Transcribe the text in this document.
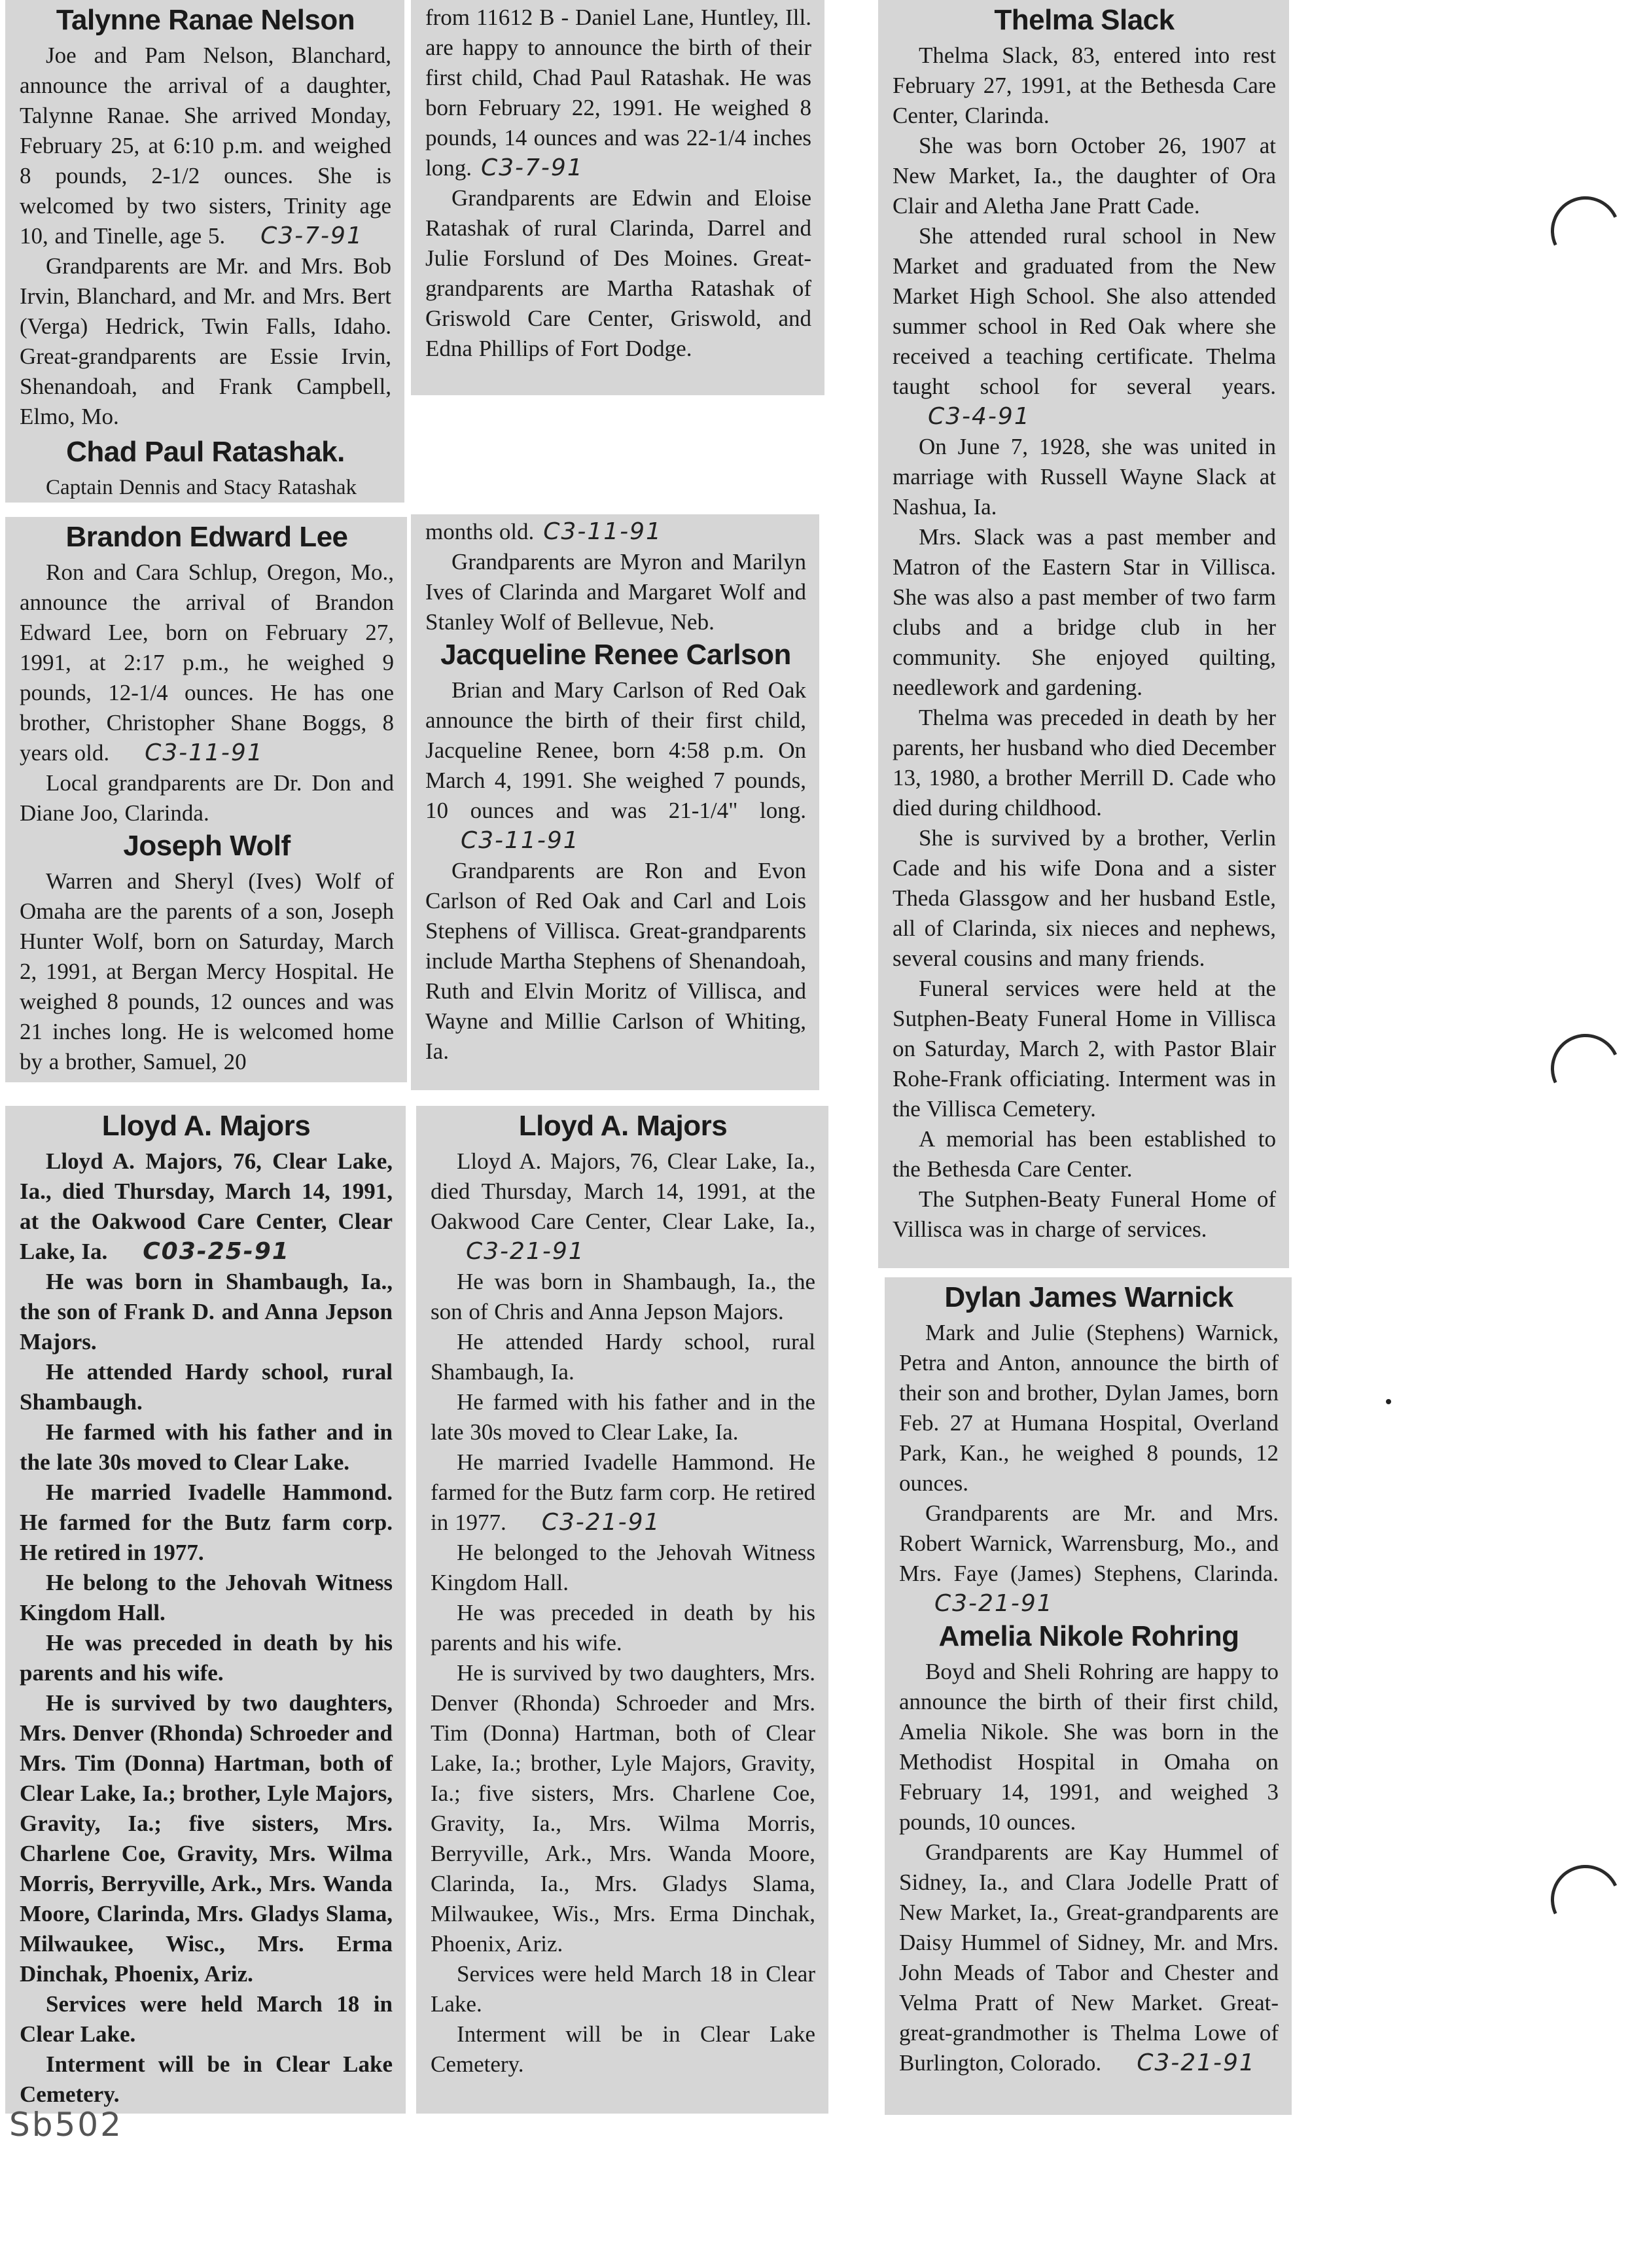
Talynne Ranae Nelson

Joe and Pam Nelson, Blanchard, announce the arrival of a daughter, Talynne Ranae. She arrived Monday, February 25, at 6:10 p.m. and weighed 8 pounds, 2-1/2 ounces. She is welcomed by two sisters, Trinity age 10, and Tinelle, age 5. C3-7-91

Grandparents are Mr. and Mrs. Bob Irvin, Blanchard, and Mr. and Mrs. Bert (Verga) Hedrick, Twin Falls, Idaho. Great-grandparents are Essie Irvin, Shenandoah, and Frank Campbell, Elmo, Mo.

Chad Paul Ratashak.

Captain Dennis and Stacy Ratashak

from 11612 B - Daniel Lane, Huntley, Ill. are happy to announce the birth of their first child, Chad Paul Ratashak. He was born February 22, 1991. He weighed 8 pounds, 14 ounces and was 22-1/4 inches long. C3-7-91

Grandparents are Edwin and Eloise Ratashak of rural Clarinda, Darrel and Julie Forslund of Des Moines. Great-grandparents are Martha Ratashak of Griswold Care Center, Griswold, and Edna Phillips of Fort Dodge.

Thelma Slack

Thelma Slack, 83, entered into rest February 27, 1991, at the Bethesda Care Center, Clarinda.

She was born October 26, 1907 at New Market, Ia., the daughter of Ora Clair and Aletha Jane Pratt Cade.

She attended rural school in New Market and graduated from the New Market High School. She also attended summer school in Red Oak where she received a teaching certificate. Thelma taught school for several years.C3-4-91

On June 7, 1928, she was united in marriage with Russell Wayne Slack at Nashua, Ia.

Mrs. Slack was a past member and Matron of the Eastern Star in Villisca. She was also a past member of two farm clubs and a bridge club in her community. She enjoyed quilting, needlework and gardening.

Thelma was preceded in death by her parents, her husband who died December 13, 1980, a brother Merrill D. Cade who died during childhood.

She is survived by a brother, Verlin Cade and his wife Dona and a sister Theda Glassgow and her husband Estle, all of Clarinda, six nieces and nephews, several cousins and many friends.

Funeral services were held at the Sutphen-Beaty Funeral Home in Villisca on Saturday, March 2, with Pastor Blair Rohe-Frank officiating. Interment was in the Villisca Cemetery.

A memorial has been established to the Bethesda Care Center.

The Sutphen-Beaty Funeral Home of Villisca was in charge of services.

Brandon Edward Lee

Ron and Cara Schlup, Oregon, Mo., announce the arrival of Brandon Edward Lee, born on February 27, 1991, at 2:17 p.m., he weighed 9 pounds, 12-1/4 ounces. He has one brother, Christopher Shane Boggs, 8 years old. C3-11-91

Local grandparents are Dr. Don and Diane Joo, Clarinda.

Joseph Wolf

Warren and Sheryl (Ives) Wolf of Omaha are the parents of a son, Joseph Hunter Wolf, born on Saturday, March 2, 1991, at Bergan Mercy Hospital. He weighed 8 pounds, 12 ounces and was 21 inches long. He is welcomed home by a brother, Samuel, 20

months old. C3-11-91

Grandparents are Myron and Marilyn Ives of Clarinda and Margaret Wolf and Stanley Wolf of Bellevue, Neb.

Jacqueline Renee Carlson

Brian and Mary Carlson of Red Oak announce the birth of their first child, Jacqueline Renee, born 4:58 p.m. On March 4, 1991. She weighed 7 pounds, 10 ounces and was 21-1/4" long.C3-11-91

Grandparents are Ron and Evon Carlson of Red Oak and Carl and Lois Stephens of Villisca. Great-grandparents include Martha Stephens of Shenandoah, Ruth and Elvin Moritz of Villisca, and Wayne and Millie Carlson of Whiting, Ia.

Lloyd A. Majors

Lloyd A. Majors, 76, Clear Lake, Ia., died Thursday, March 14, 1991, at the Oakwood Care Center, Clear Lake, Ia. C03-25-91

He was born in Shambaugh, Ia., the son of Frank D. and Anna Jepson Majors.

He attended Hardy school, rural Shambaugh.

He farmed with his father and in the late 30s moved to Clear Lake.

He married Ivadelle Hammond. He farmed for the Butz farm corp. He retired in 1977.

He belong to the Jehovah Witness Kingdom Hall.

He was preceded in death by his parents and his wife.

He is survived by two daughters, Mrs. Denver (Rhonda) Schroeder and Mrs. Tim (Donna) Hartman, both of Clear Lake, Ia.; brother, Lyle Majors, Gravity, Ia.; five sisters, Mrs. Charlene Coe, Gravity, Mrs. Wilma Morris, Berryville, Ark., Mrs. Wanda Moore, Clarinda, Mrs. Gladys Slama, Milwaukee, Wisc., Mrs. Erma Dinchak, Phoenix, Ariz.

Services were held March 18 in Clear Lake.

Interment will be in Clear Lake Cemetery.

Lloyd A. Majors

Lloyd A. Majors, 76, Clear Lake, Ia., died Thursday, March 14, 1991, at the Oakwood Care Center, Clear Lake, Ia.,C3-21-91

He was born in Shambaugh, Ia., the son of Chris and Anna Jepson Majors.

He attended Hardy school, rural Shambaugh, Ia.

He farmed with his father and in the late 30s moved to Clear Lake, Ia.

He married Ivadelle Hammond. He farmed for the Butz farm corp. He retired in 1977. C3-21-91

He belonged to the Jehovah Witness Kingdom Hall.

He was preceded in death by his parents and his wife.

He is survived by two daughters, Mrs. Denver (Rhonda) Schroeder and Mrs. Tim (Donna) Hartman, both of Clear Lake, Ia.; brother, Lyle Majors, Gravity, Ia.; five sisters, Mrs. Charlene Coe, Gravity, Ia., Mrs. Wilma Morris, Berryville, Ark., Mrs. Wanda Moore, Clarinda, Ia., Mrs. Gladys Slama, Milwaukee, Wis., Mrs. Erma Dinchak, Phoenix, Ariz.

Services were held March 18 in Clear Lake.

Interment will be in Clear Lake Cemetery.

Dylan James Warnick

Mark and Julie (Stephens) Warnick, Petra and Anton, announce the birth of their son and brother, Dylan James, born Feb. 27 at Humana Hospital, Overland Park, Kan., he weighed 8 pounds, 12 ounces.

Grandparents are Mr. and Mrs. Robert Warnick, Warrensburg, Mo., and Mrs. Faye (James) Stephens, Clarinda.C3-21-91

Amelia Nikole Rohring

Boyd and Sheli Rohring are happy to announce the birth of their first child, Amelia Nikole. She was born in the Methodist Hospital in Omaha on February 14, 1991, and weighed 3 pounds, 10 ounces.

Grandparents are Kay Hummel of Sidney, Ia., and Clara Jodelle Pratt of New Market, Ia., Great-grandparents are Daisy Hummel of Sidney, Mr. and Mrs. John Meads of Tabor and Chester and Velma Pratt of New Market. Great-great-grandmother is Thelma Lowe of Burlington, Colorado. C3-21-91

Sb502
